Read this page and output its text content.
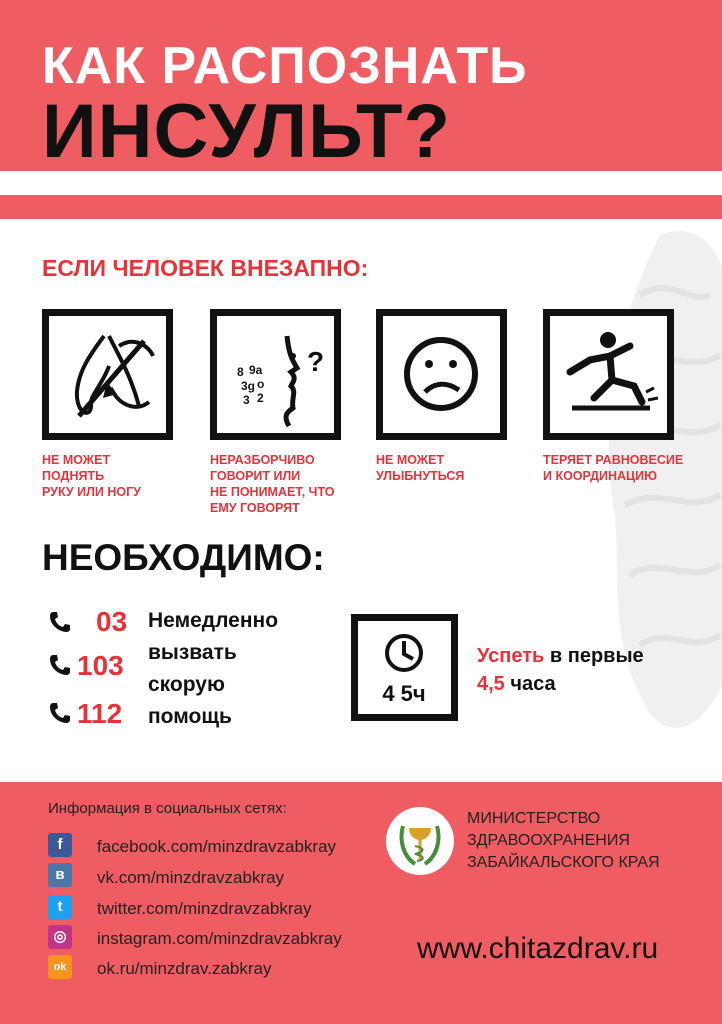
КАК РАСПОЗНАТЬ
ИНСУЛЬТ?
ЕСЛИ ЧЕЛОВЕК ВНЕЗАПНО:
?
8 9a
3g o
3 2
НЕ МОЖЕТ
ПОДНЯТЬ
РУКУ ИЛИ НОГУ
НЕРАЗБОРЧИВО
ГОВОРИТ ИЛИ
НЕ ПОНИМАЕТ, ЧТО
ЕМУ ГОВОРЯТ
НЕ МОЖЕТ
УЛЫБНУТЬСЯ
ТЕРЯЕТ РАВНОВЕСИЕ
И КООРДИНАЦИЮ
НЕОБХОДИМО:
03
103
112
Немедленно
вызвать
скорую
помощь
4 5ч
Успеть в первые
4,5 часа
Информация в социальных сетях:
f
в
t
◎
ok
facebook.com/minzdravzabkray
vk.com/minzdravzabkray
twitter.com/minzdravzabkray
instagram.com/minzdravzabkray
ok.ru/minzdrav.zabkray
МИНИСТЕРСТВО
ЗДРАВООХРАНЕНИЯ
ЗАБАЙКАЛЬСКОГО КРАЯ
www.chitazdrav.ru
